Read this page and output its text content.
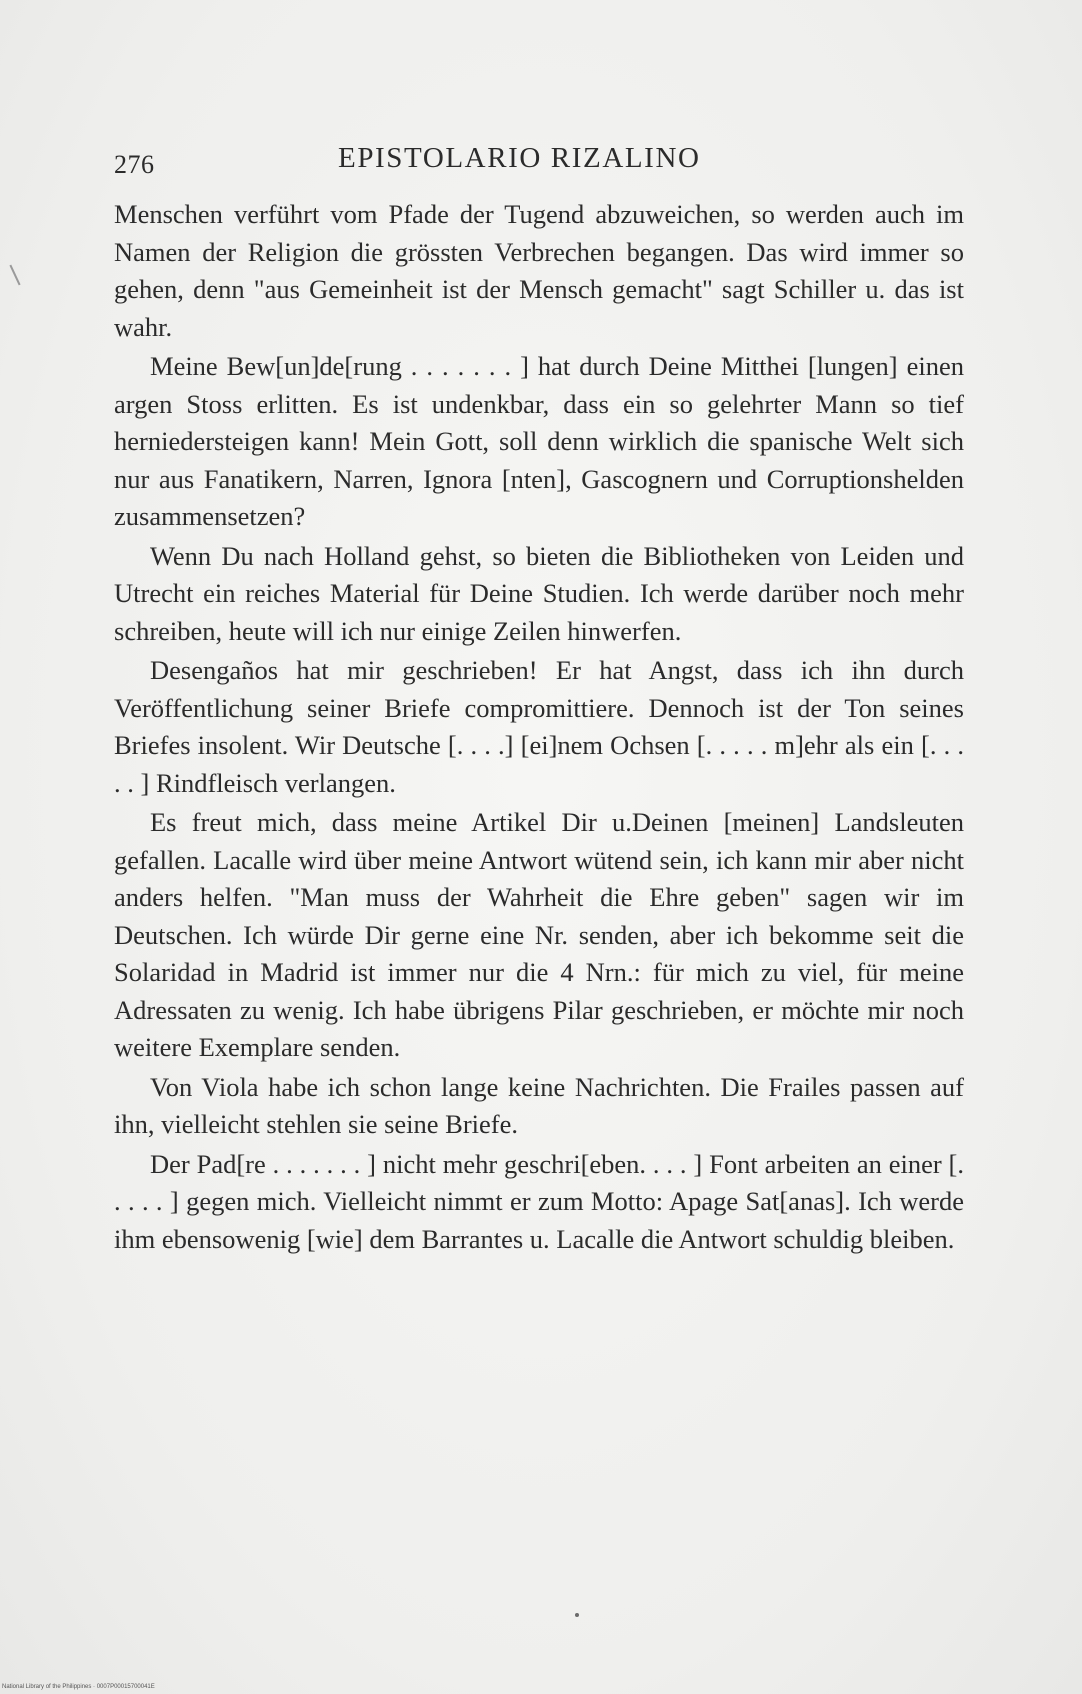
276	EPISTOLARIO RIZALINO

Menschen verführt vom Pfade der Tugend abzuweichen, so werden auch im Namen der Religion die grössten Verbrechen begangen. Das wird immer so gehen, denn "aus Gemeinheit ist der Mensch gemacht" sagt Schiller u. das ist wahr.

Meine Bew[un]de[rung . . . . . . . ] hat durch Deine Mitthei [lungen] einen argen Stoss erlitten. Es ist undenkbar, dass ein so gelehrter Mann so tief herniedersteigen kann! Mein Gott, soll denn wirklich die spanische Welt sich nur aus Fanatikern, Narren, Ignora [nten], Gascognern und Corruptionshelden zusammensetzen?

Wenn Du nach Holland gehst, so bieten die Bibliotheken von Leiden und Utrecht ein reiches Material für Deine Studien. Ich werde darüber noch mehr schreiben, heute will ich nur einige Zeilen hinwerfen.

Desengaños hat mir geschrieben! Er hat Angst, dass ich ihn durch Veröffentlichung seiner Briefe compromittiere. Dennoch ist der Ton seines Briefes insolent. Wir Deutsche [. . . .] [ei]nem Ochsen [. . . . . m]ehr als ein [. . . . . ] Rindfleisch verlangen.

Es freut mich, dass meine Artikel Dir u.Deinen [meinen] Landsleuten gefallen. Lacalle wird über meine Antwort wütend sein, ich kann mir aber nicht anders helfen. "Man muss der Wahrheit die Ehre geben" sagen wir im Deutschen. Ich würde Dir gerne eine Nr. senden, aber ich bekomme seit die Solaridad in Madrid ist immer nur die 4 Nrn.: für mich zu viel, für meine Adressaten zu wenig. Ich habe übrigens Pilar geschrieben, er möchte mir noch weitere Exemplare senden.

Von Viola habe ich schon lange keine Nachrichten. Die Frailes passen auf ihn, vielleicht stehlen sie seine Briefe.

Der Pad[re . . . . . . . ] nicht mehr geschri[eben. . . . ] Font arbeiten an einer [. . . . . ] gegen mich. Vielleicht nimmt er zum Motto: Apage Sat[anas]. Ich werde ihm ebensowenig [wie] dem Barrantes u. Lacalle die Antwort schuldig bleiben.

National Library of the Philippines · 0007P00015700041E
